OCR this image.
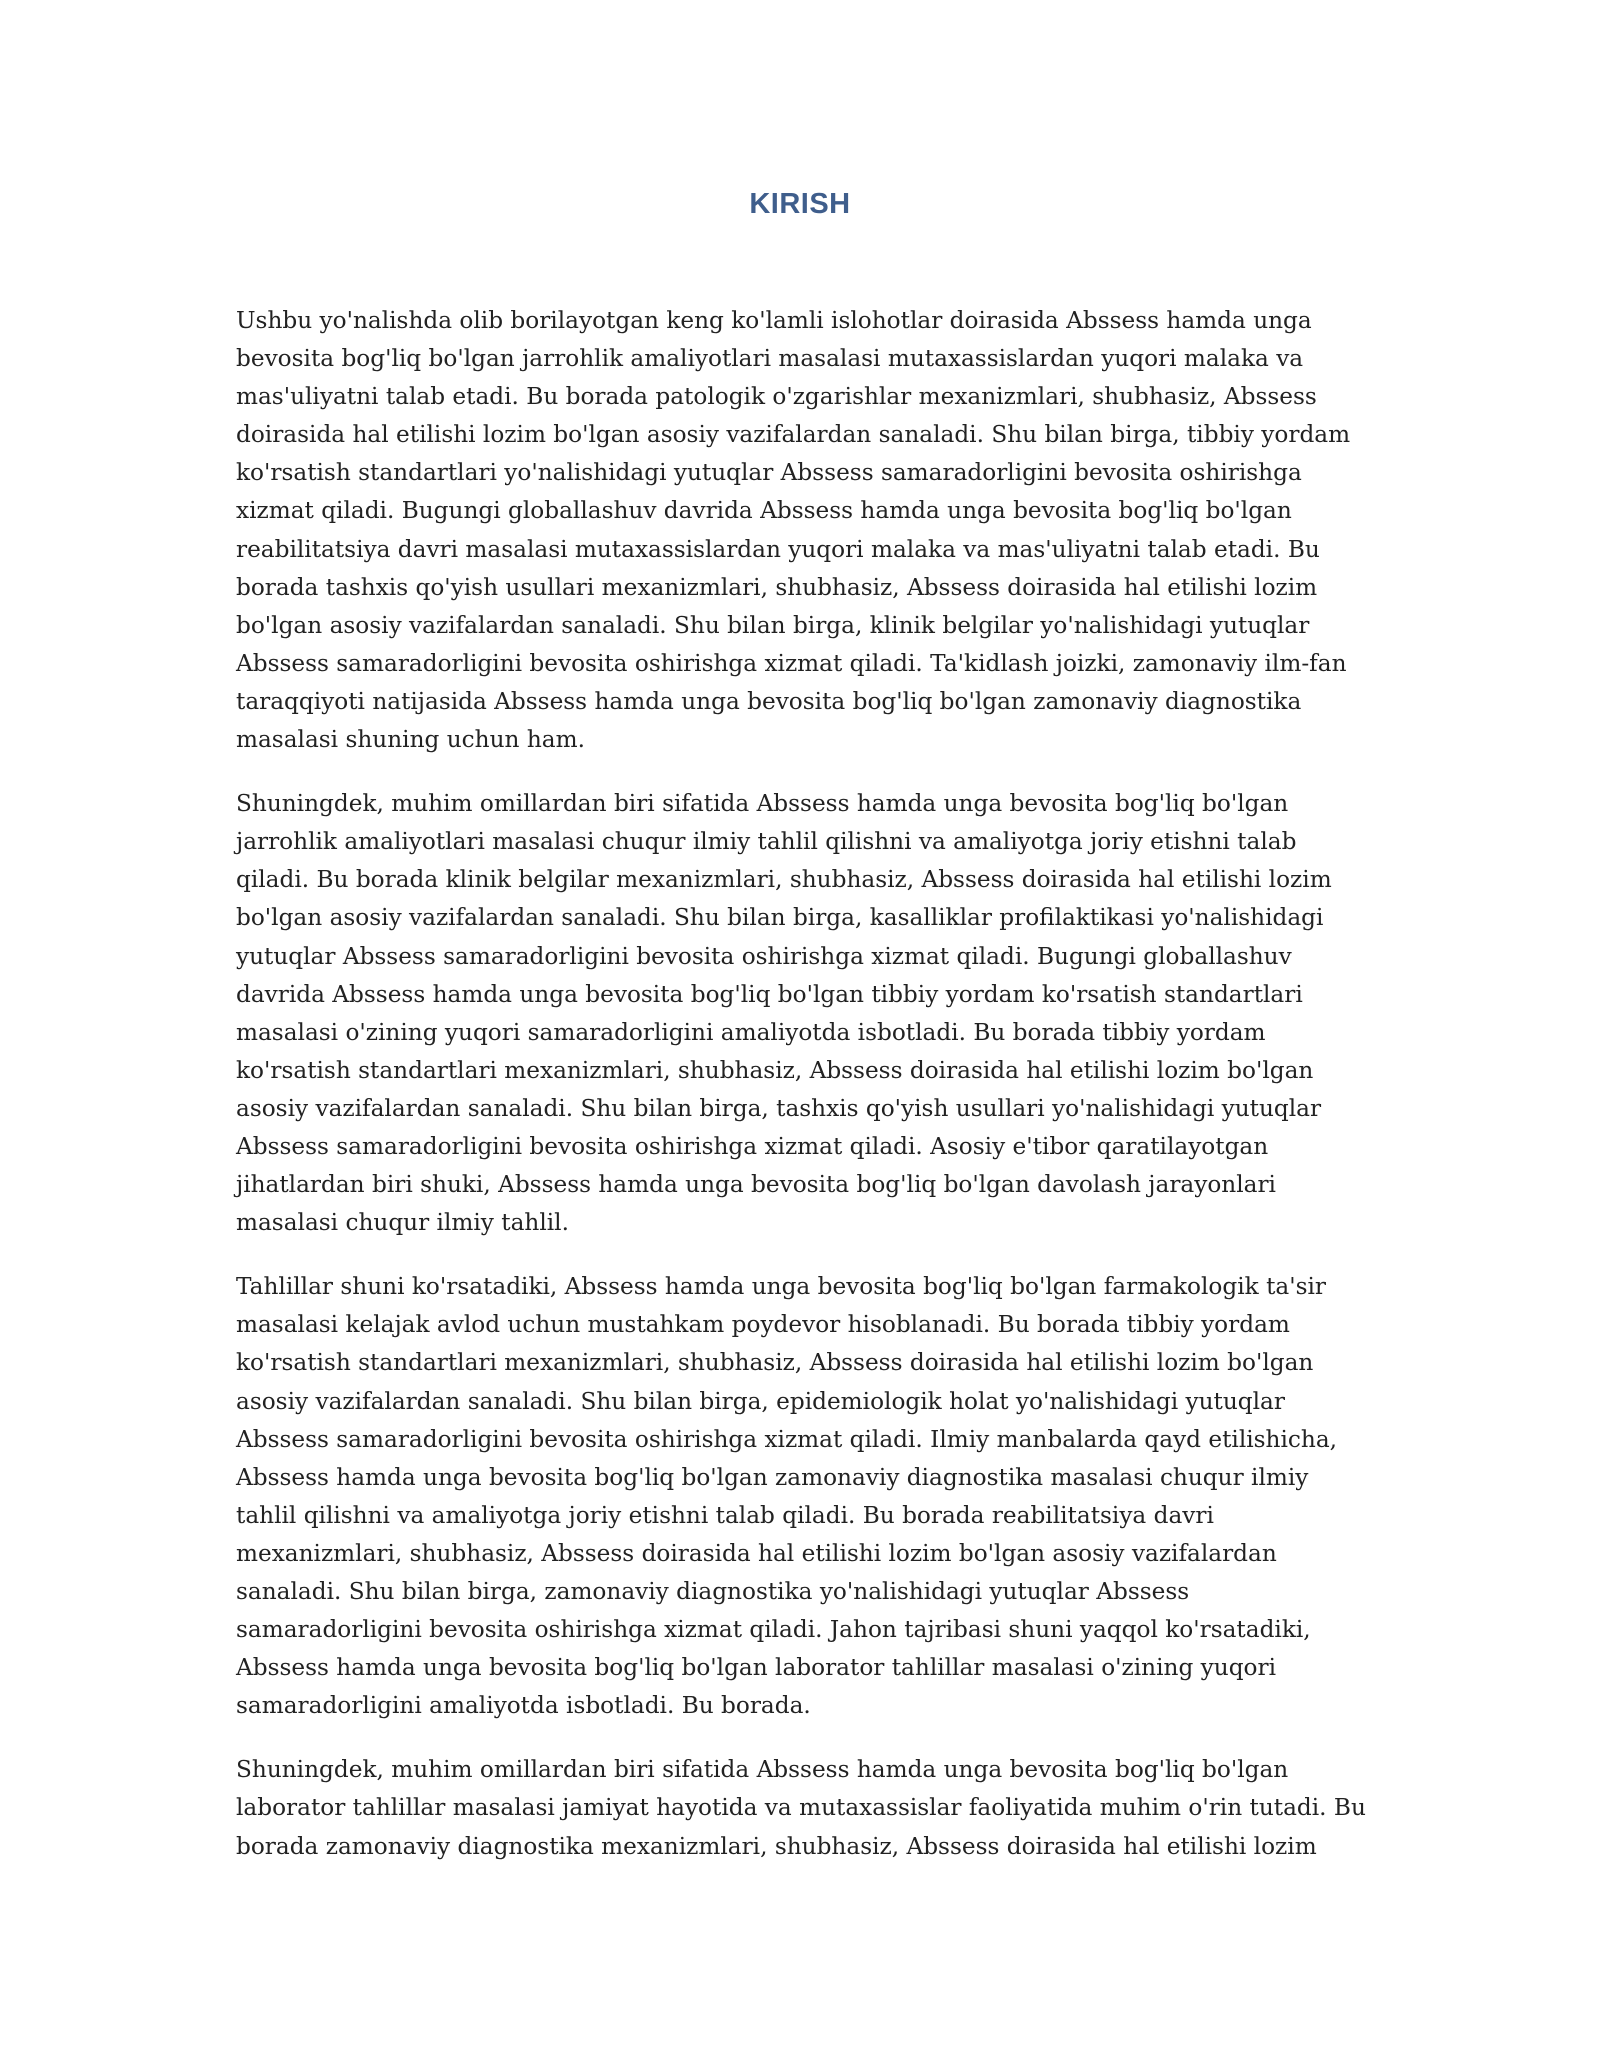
KIRISH

Ushbu yo'nalishda olib borilayotgan keng ko'lamli islohotlar doirasida Abssess hamda unga bevosita bog'liq bo'lgan jarrohlik amaliyotlari masalasi mutaxassislardan yuqori malaka va mas'uliyatni talab etadi. Bu borada patologik o'zgarishlar mexanizmlari, shubhasiz, Abssess doirasida hal etilishi lozim bo'lgan asosiy vazifalardan sanaladi. Shu bilan birga, tibbiy yordam ko'rsatish standartlari yo'nalishidagi yutuqlar Abssess samaradorligini bevosita oshirishga xizmat qiladi. Bugungi globallashuv davrida Abssess hamda unga bevosita bog'liq bo'lgan reabilitatsiya davri masalasi mutaxassislardan yuqori malaka va mas'uliyatni talab etadi. Bu borada tashxis qo'yish usullari mexanizmlari, shubhasiz, Abssess doirasida hal etilishi lozim bo'lgan asosiy vazifalardan sanaladi. Shu bilan birga, klinik belgilar yo'nalishidagi yutuqlar Abssess samaradorligini bevosita oshirishga xizmat qiladi. Ta'kidlash joizki, zamonaviy ilm-fan taraqqiyoti natijasida Abssess hamda unga bevosita bog'liq bo'lgan zamonaviy diagnostika masalasi shuning uchun ham.

Shuningdek, muhim omillardan biri sifatida Abssess hamda unga bevosita bog'liq bo'lgan jarrohlik amaliyotlari masalasi chuqur ilmiy tahlil qilishni va amaliyotga joriy etishni talab qiladi. Bu borada klinik belgilar mexanizmlari, shubhasiz, Abssess doirasida hal etilishi lozim bo'lgan asosiy vazifalardan sanaladi. Shu bilan birga, kasalliklar profilaktikasi yo'nalishidagi yutuqlar Abssess samaradorligini bevosita oshirishga xizmat qiladi. Bugungi globallashuv davrida Abssess hamda unga bevosita bog'liq bo'lgan tibbiy yordam ko'rsatish standartlari masalasi o'zining yuqori samaradorligini amaliyotda isbotladi. Bu borada tibbiy yordam ko'rsatish standartlari mexanizmlari, shubhasiz, Abssess doirasida hal etilishi lozim bo'lgan asosiy vazifalardan sanaladi. Shu bilan birga, tashxis qo'yish usullari yo'nalishidagi yutuqlar Abssess samaradorligini bevosita oshirishga xizmat qiladi. Asosiy e'tibor qaratilayotgan jihatlardan biri shuki, Abssess hamda unga bevosita bog'liq bo'lgan davolash jarayonlari masalasi chuqur ilmiy tahlil.

Tahlillar shuni ko'rsatadiki, Abssess hamda unga bevosita bog'liq bo'lgan farmakologik ta'sir masalasi kelajak avlod uchun mustahkam poydevor hisoblanadi. Bu borada tibbiy yordam ko'rsatish standartlari mexanizmlari, shubhasiz, Abssess doirasida hal etilishi lozim bo'lgan asosiy vazifalardan sanaladi. Shu bilan birga, epidemiologik holat yo'nalishidagi yutuqlar Abssess samaradorligini bevosita oshirishga xizmat qiladi. Ilmiy manbalarda qayd etilishicha, Abssess hamda unga bevosita bog'liq bo'lgan zamonaviy diagnostika masalasi chuqur ilmiy tahlil qilishni va amaliyotga joriy etishni talab qiladi. Bu borada reabilitatsiya davri mexanizmlari, shubhasiz, Abssess doirasida hal etilishi lozim bo'lgan asosiy vazifalardan sanaladi. Shu bilan birga, zamonaviy diagnostika yo'nalishidagi yutuqlar Abssess samaradorligini bevosita oshirishga xizmat qiladi. Jahon tajribasi shuni yaqqol ko'rsatadiki, Abssess hamda unga bevosita bog'liq bo'lgan laborator tahlillar masalasi o'zining yuqori samaradorligini amaliyotda isbotladi. Bu borada.

Shuningdek, muhim omillardan biri sifatida Abssess hamda unga bevosita bog'liq bo'lgan laborator tahlillar masalasi jamiyat hayotida va mutaxassislar faoliyatida muhim o'rin tutadi. Bu borada zamonaviy diagnostika mexanizmlari, shubhasiz, Abssess doirasida hal etilishi lozim
